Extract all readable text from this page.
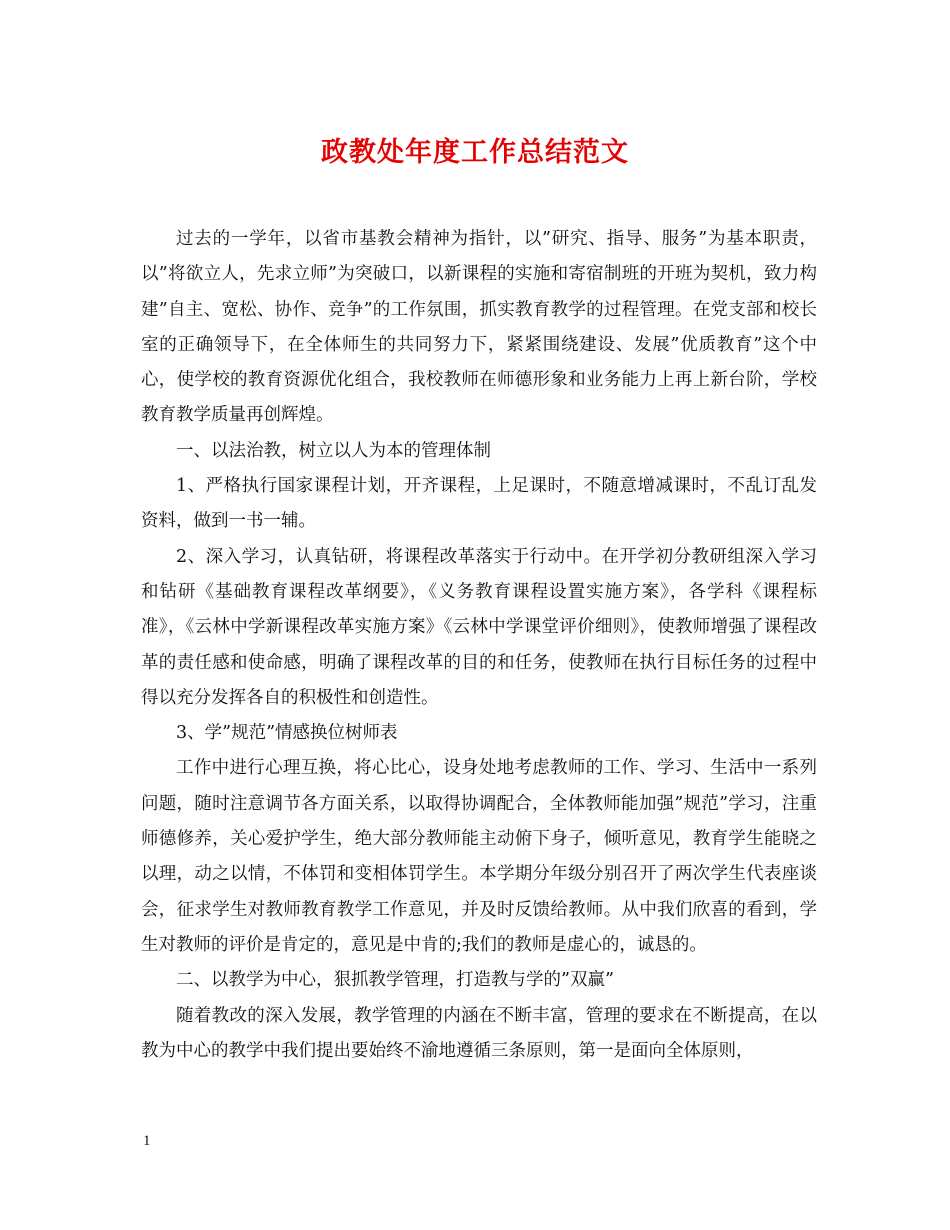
政教处年度工作总结范文

过去的一学年，以省市基教会精神为指针，以”研究、指导、服务”为基本职责，以”将欲立人，先求立师”为突破口，以新课程的实施和寄宿制班的开班为契机，致力构建”自主、宽松、协作、竞争”的工作氛围，抓实教育教学的过程管理。在党支部和校长室的正确领导下，在全体师生的共同努力下，紧紧围绕建设、发展”优质教育”这个中心，使学校的教育资源优化组合，我校教师在师德形象和业务能力上再上新台阶，学校教育教学质量再创辉煌。

一、以法治教，树立以人为本的管理体制

1、严格执行国家课程计划，开齐课程，上足课时，不随意增减课时，不乱订乱发资料，做到一书一辅。

2、深入学习，认真钻研，将课程改革落实于行动中。在开学初分教研组深入学习和钻研《基础教育课程改革纲要》，《义务教育课程设置实施方案》，各学科《课程标准》，《云林中学新课程改革实施方案》《云林中学课堂评价细则》，使教师增强了课程改革的责任感和使命感，明确了课程改革的目的和任务，使教师在执行目标任务的过程中得以充分发挥各自的积极性和创造性。

3、学”规范”情感换位树师表

工作中进行心理互换，将心比心，设身处地考虑教师的工作、学习、生活中一系列问题，随时注意调节各方面关系，以取得协调配合，全体教师能加强”规范”学习，注重师德修养，关心爱护学生，绝大部分教师能主动俯下身子，倾听意见，教育学生能晓之以理，动之以情，不体罚和变相体罚学生。本学期分年级分别召开了两次学生代表座谈会，征求学生对教师教育教学工作意见，并及时反馈给教师。从中我们欣喜的看到，学生对教师的评价是肯定的，意见是中肯的;我们的教师是虚心的，诚恳的。

二、以教学为中心，狠抓教学管理，打造教与学的”双赢”

随着教改的深入发展，教学管理的内涵在不断丰富，管理的要求在不断提高，在以教为中心的教学中我们提出要始终不渝地遵循三条原则，第一是面向全体原则，

1
